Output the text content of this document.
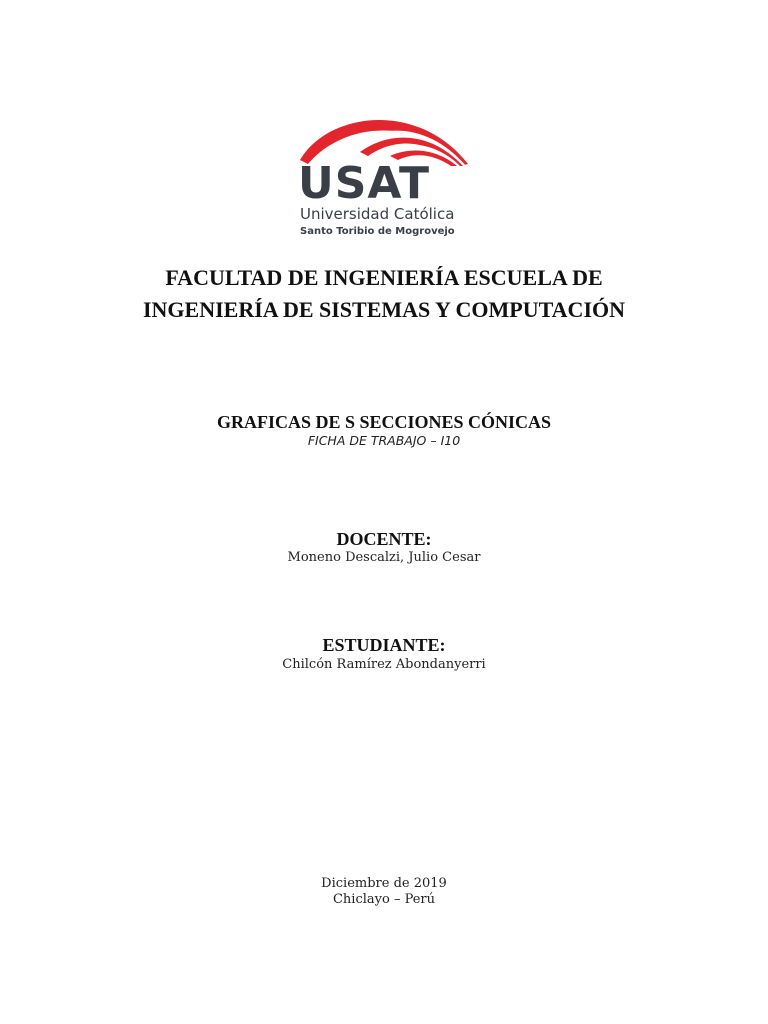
USAT
Universidad Católica
Santo Toribio de Mogrovejo
FACULTAD DE INGENIERÍA ESCUELA DE
INGENIERÍA DE SISTEMAS Y COMPUTACIÓN
GRAFICAS DE S SECCIONES CÓNICAS
FICHA DE TRABAJO – I10
DOCENTE:
Moneno Descalzi, Julio Cesar
ESTUDIANTE:
Chilcón Ramírez Abondanyerri
Diciembre de 2019
Chiclayo – Perú
